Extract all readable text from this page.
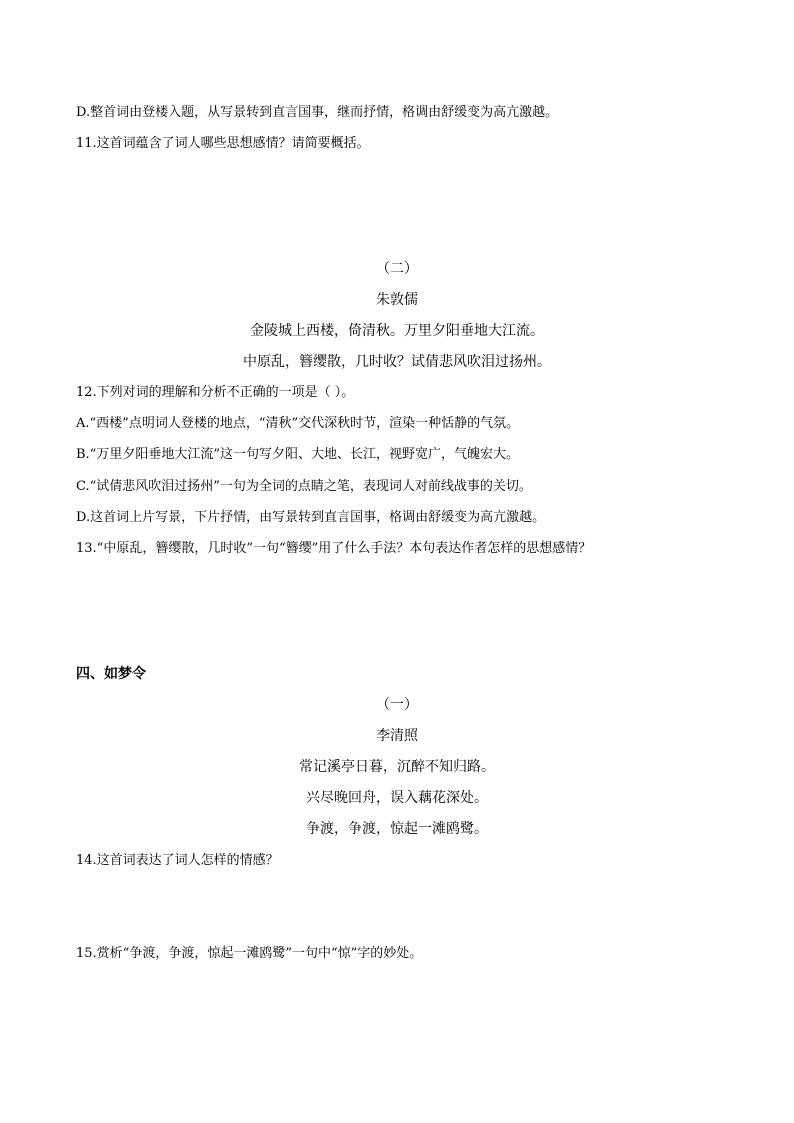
D.整首词由登楼入题，从写景转到直言国事，继而抒情，格调由舒缓变为高亢激越。
11.这首词蕴含了词人哪些思想感情？请简要概括。
（二）
朱敦儒
金陵城上西楼，倚清秋。万里夕阳垂地大江流。
中原乱，簪缨散，几时收？试倩悲风吹泪过扬州。
12.下列对词的理解和分析不正确的一项是（ ）。
A.“西楼”点明词人登楼的地点，“清秋”交代深秋时节，渲染一种恬静的气氛。
B.“万里夕阳垂地大江流”这一句写夕阳、大地、长江，视野宽广，气魄宏大。
C.“试倩悲风吹泪过扬州”一句为全词的点睛之笔，表现词人对前线战事的关切。
D.这首词上片写景，下片抒情，由写景转到直言国事，格调由舒缓变为高亢激越。
13.“中原乱，簪缨散，几时收”一句“簪缨”用了什么手法？本句表达作者怎样的思想感情？
四、如梦令
（一）
李清照
常记溪亭日暮，沉醉不知归路。
兴尽晚回舟，误入藕花深处。
争渡，争渡，惊起一滩鸥鹭。
14.这首词表达了词人怎样的情感？
15.赏析“争渡，争渡，惊起一滩鸥鹭”一句中“惊”字的妙处。
